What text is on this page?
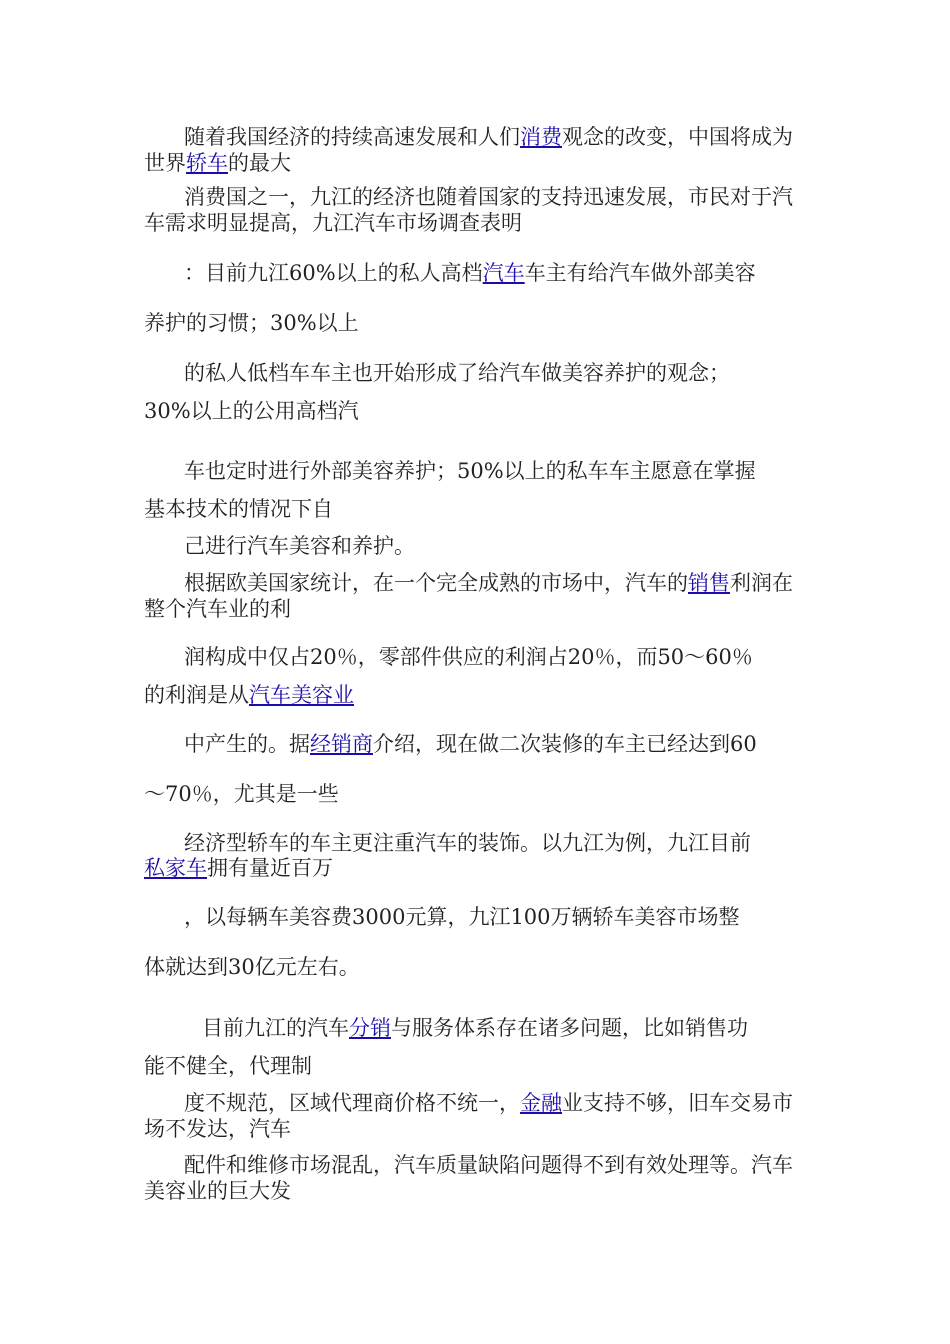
随着我国经济的持续高速发展和人们消费观念的改变，中国将成为世界轿车的最大

消费国之一，九江的经济也随着国家的支持迅速发展，市民对于汽车需求明显提高，九江汽车市场调查表明

：目前九江60%以上的私人高档汽车车主有给汽车做外部美容

养护的习惯；30%以上

的私人低档车车主也开始形成了给汽车做美容养护的观念；

30%以上的公用高档汽

车也定时进行外部美容养护；50%以上的私车车主愿意在掌握

基本技术的情况下自

己进行汽车美容和养护。

根据欧美国家统计，在一个完全成熟的市场中，汽车的销售利润在整个汽车业的利

润构成中仅占20％，零部件供应的利润占20％，而50～60％

的利润是从汽车美容业

中产生的。据经销商介绍，现在做二次装修的车主已经达到60

～70％，尤其是一些

经济型轿车的车主更注重汽车的装饰。以九江为例，九江目前

私家车拥有量近百万

，以每辆车美容费3000元算，九江100万辆轿车美容市场整

体就达到30亿元左右。

目前九江的汽车分销与服务体系存在诸多问题，比如销售功

能不健全，代理制

度不规范，区域代理商价格不统一，金融业支持不够，旧车交易市场不发达，汽车

配件和维修市场混乱，汽车质量缺陷问题得不到有效处理等。汽车美容业的巨大发
